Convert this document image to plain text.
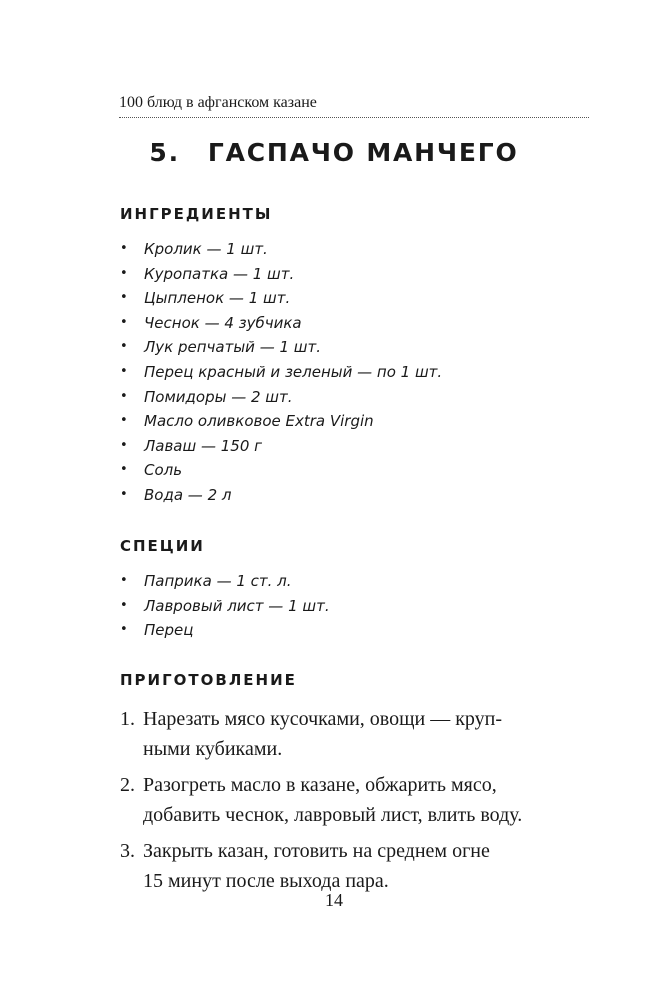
100 блюд в афганском казане
5. ГАСПАЧО МАНЧЕГО
ИНГРЕДИЕНТЫ
• Кролик — 1 шт.
• Куропатка — 1 шт.
• Цыпленок — 1 шт.
• Чеснок — 4 зубчика
• Лук репчатый — 1 шт.
• Перец красный и зеленый — по 1 шт.
• Помидоры — 2 шт.
• Масло оливковое Extra Virgin
• Лаваш — 150 г
• Соль
• Вода — 2 л
СПЕЦИИ
• Паприка — 1 ст. л.
• Лавровый лист — 1 шт.
• Перец
ПРИГОТОВЛЕНИЕ
1. Нарезать мясо кусочками, овощи — круп-
ными кубиками.
2. Разогреть масло в казане, обжарить мясо,
добавить чеснок, лавровый лист, влить воду.
3. Закрыть казан, готовить на среднем огне
15 минут после выхода пара.
14
